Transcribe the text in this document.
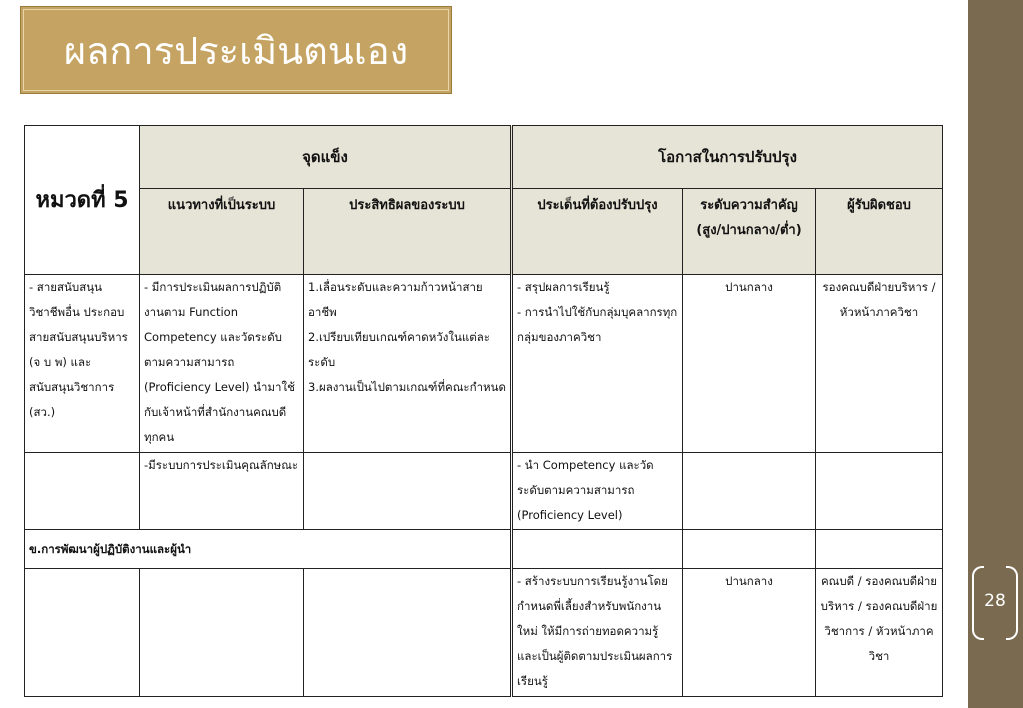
28
ผลการประเมินตนเอง
หมวดที่ 5	จุดแข็ง		โอกาสในการปรับปรุง		
	แนวทางที่เป็นระบบ	ประสิทธิผลของระบบ	ประเด็นที่ต้องปรับปรุง	ระดับความสำคัญ (สูง/ปานกลาง/ต่ำ)	ผู้รับผิดชอบ
- สายสนับสนุนวิชาชีพอื่น ประกอบ สายสนับสนุนบริหาร (จ บ พ) และสนับสนุนวิชาการ (สว.)	- มีการประเมินผลการปฏิบัติงานตาม Function Competency และวัดระดับตามความสามารถ (Proficiency Level) นำมาใช้กับเจ้าหน้าที่สำนักงานคณบดีทุกคน	1.เลื่อนระดับและความก้าวหน้าสายอาชีพ
2.เปรียบเทียบเกณฑ์คาดหวังในแต่ละระดับ
3.ผลงานเป็นไปตามเกณฑ์ที่คณะกำหนด	- สรุปผลการเรียนรู้
- การนำไปใช้กับกลุ่มบุคลากรทุกกลุ่มของภาควิชา	ปานกลาง	รองคณบดีฝ่ายบริหาร / หัวหน้าภาควิชา
	-มีระบบการประเมินคุณลักษณะ		- นำ Competency และวัดระดับตามความสามารถ (Proficiency Level)		
ข.การพัฒนาผู้ปฏิบัติงานและผู้นำ					
			- สร้างระบบการเรียนรู้งานโดยกำหนดพี่เลี้ยงสำหรับพนักงานใหม่ ให้มีการถ่ายทอดความรู้และเป็นผู้ติดตามประเมินผลการเรียนรู้	ปานกลาง	คณบดี / รองคณบดีฝ่ายบริหาร / รองคณบดีฝ่ายวิชาการ / หัวหน้าภาควิชา
